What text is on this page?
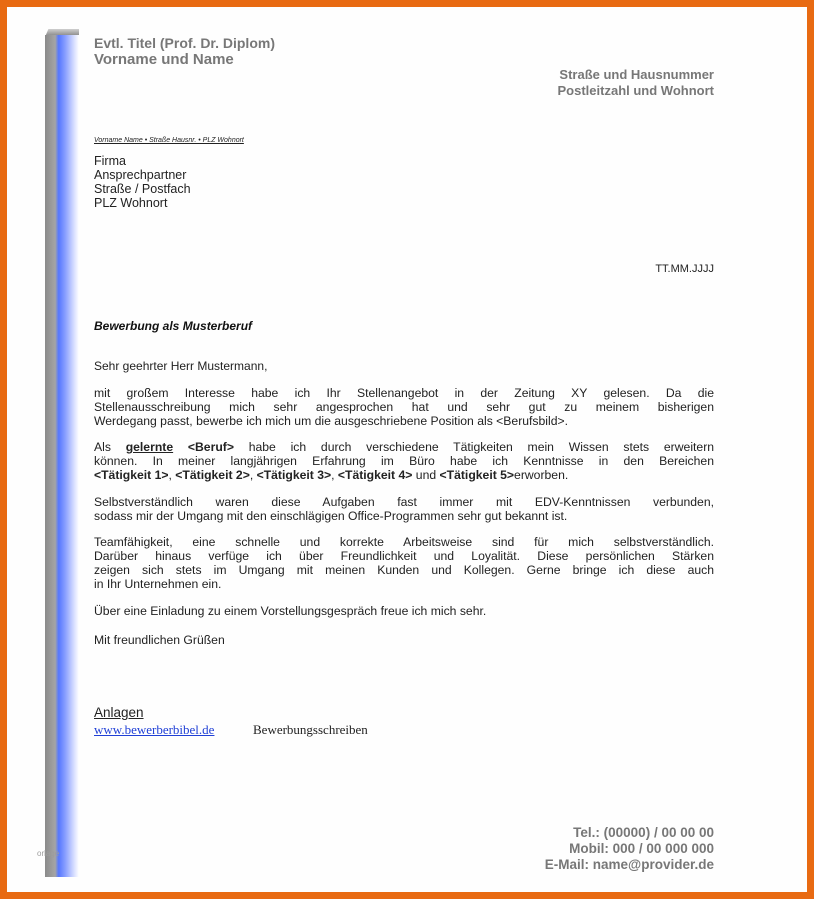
orlage

Evtl. Titel (Prof. Dr. Diplom)

Vorname und Name

Straße und Hausnummer

Postleitzahl und Wohnort

Vorname Name • Straße Hausnr. • PLZ Wohnort

Firma
Ansprechpartner
Straße / Postfach
PLZ Wohnort

TT.MM.JJJJ

Bewerbung als Musterberuf

Sehr geehrter Herr Mustermann,

mit großem Interesse habe ich Ihr Stellenangebot in der Zeitung XY gelesen. Da die
Stellenausschreibung mich sehr angesprochen hat und sehr gut zu meinem bisherigen
Werdegang passt, bewerbe ich mich um die ausgeschriebene Position als <Berufsbild>.
Als gelernte <Beruf> habe ich durch verschiedene Tätigkeiten mein Wissen stets erweitern
können. In meiner langjährigen Erfahrung im Büro habe ich Kenntnisse in den Bereichen
<Tätigkeit 1>, <Tätigkeit 2>, <Tätigkeit 3>, <Tätigkeit 4> und <Tätigkeit 5>erworben.
Selbstverständlich waren diese Aufgaben fast immer mit EDV-Kenntnissen verbunden,
sodass mir der Umgang mit den einschlägigen Office-Programmen sehr gut bekannt ist.
Teamfähigkeit, eine schnelle und korrekte Arbeitsweise sind für mich selbstverständlich.
Darüber hinaus verfüge ich über Freundlichkeit und Loyalität. Diese persönlichen Stärken
zeigen sich stets im Umgang mit meinen Kunden und Kollegen. Gerne bringe ich diese auch
in Ihr Unternehmen ein.
Über eine Einladung zu einem Vorstellungsgespräch freue ich mich sehr.
Mit freundlichen Grüßen

Anlagen

www.bewerberbibel.de	Bewerbungsschreiben

Tel.: (00000) / 00 00 00

Mobil: 000 / 00 000 000

E-Mail: name@provider.de
